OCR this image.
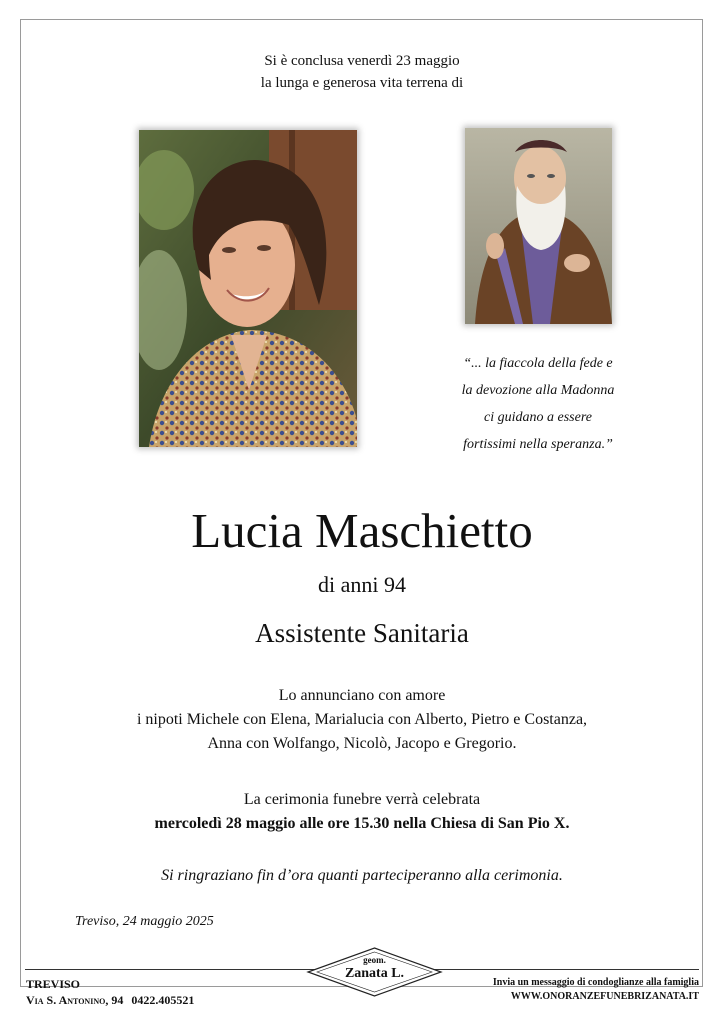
Si è conclusa venerdì 23 maggio
la lunga e generosa vita terrena di
“... la fiaccola della fede e
la devozione alla Madonna
ci guidano a essere
fortissimi nella speranza.”
Lucia Maschietto
di anni 94
Assistente Sanitaria
Lo annunciano con amore
i nipoti Michele con Elena, Marialucia con Alberto, Pietro e Costanza,
Anna con Wolfango, Nicolò, Jacopo e Gregorio.
La cerimonia funebre verrà celebrata
mercoledì 28 maggio alle ore 15.30 nella Chiesa di San Pio X.
Si ringraziano fin d’ora quanti parteciperanno alla cerimonia.
Treviso, 24 maggio 2025
geom.
Zanata L.
TREVISO
Via S. Antonino, 94 0422.405521
Invia un messaggio di condoglianze alla famiglia
WWW.ONORANZEFUNEBRIZANATA.IT
